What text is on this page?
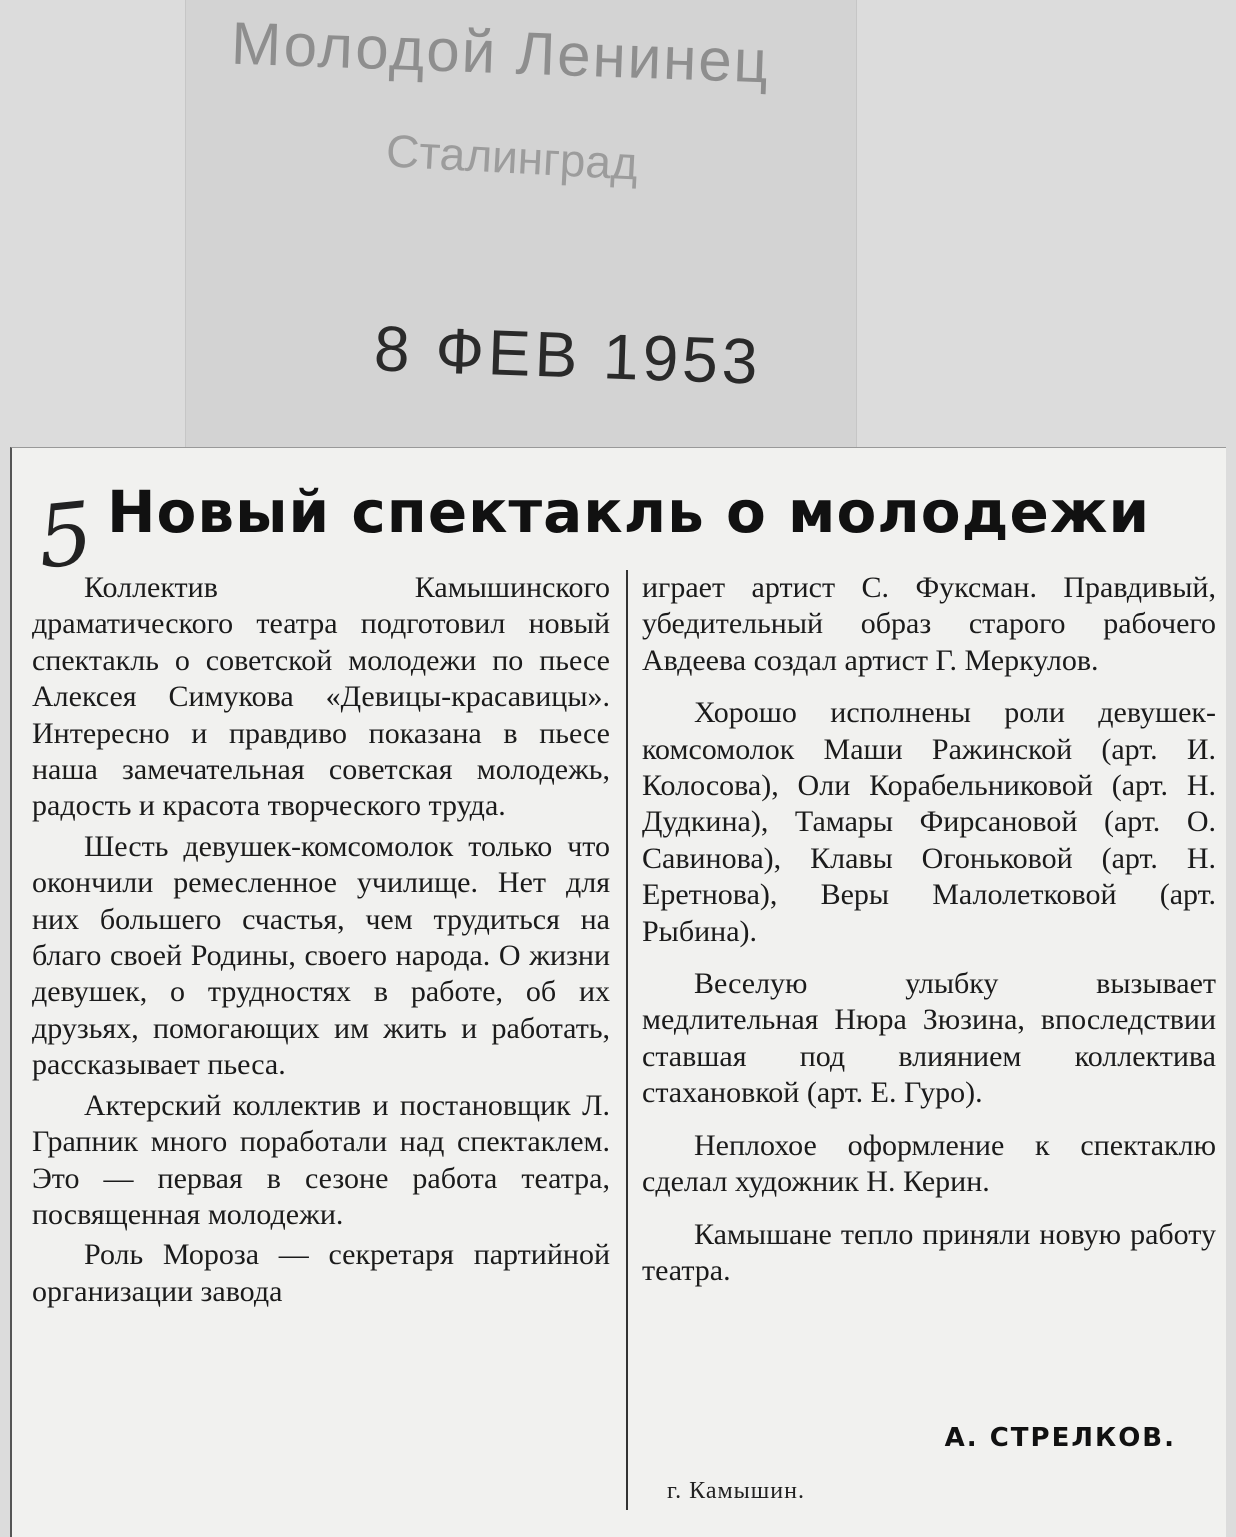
Молодой Ленинец
Сталинград
8 ФЕВ 1953
5 Новый спектакль о молодежи

Коллектив Камышинского драматического театра подготовил новый спектакль о советской молодежи по пьесе Алексея Симукова «Девицы-красавицы». Интересно и правдиво показана в пьесе наша замечательная советская молодежь, радость и красота творческого труда.

Шесть девушек-комсомолок только что окончили ремесленное училище. Нет для них большего счастья, чем трудиться на благо своей Родины, своего народа. О жизни девушек, о трудностях в работе, об их друзьях, помогающих им жить и работать, рассказывает пьеса.

Актерский коллектив и постановщик Л. Грапник много поработали над спектаклем. Это — первая в сезоне работа театра, посвященная молодежи.

Роль Мороза — секретаря партийной организации завода

играет артист С. Фуксман. Правдивый, убедительный образ старого рабочего Авдеева создал артист Г. Меркулов.

Хорошо исполнены роли девушек-комсомолок Маши Ражинской (арт. И. Колосова), Оли Корабельниковой (арт. Н. Дудкина), Тамары Фирсановой (арт. О. Савинова), Клавы Огоньковой (арт. Н. Еретнова), Веры Малолетковой (арт. Рыбина).

Веселую улыбку вызывает медлительная Нюра Зюзина, впоследствии ставшая под влиянием коллектива стахановкой (арт. Е. Гуро).

Неплохое оформление к спектаклю сделал художник Н. Керин.

Камышане тепло приняли новую работу театра.

А. СТРЕЛКОВ.
г. Камышин.
